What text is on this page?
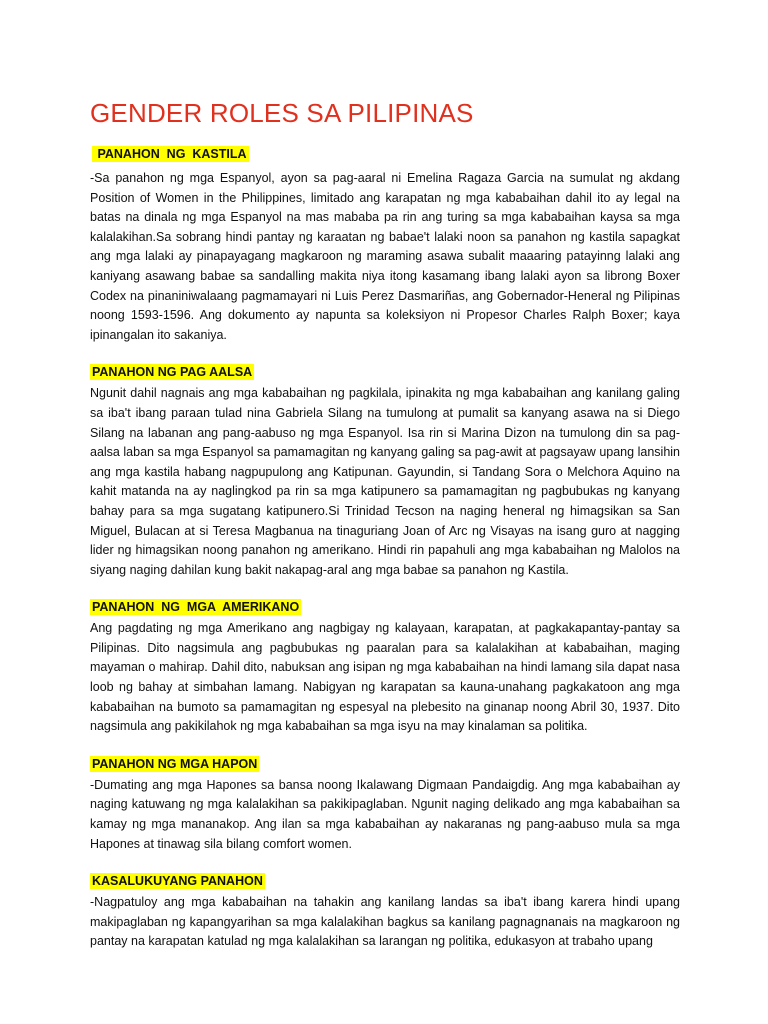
GENDER ROLES SA PILIPINAS
PANAHON  NG  KASTILA

-Sa panahon ng mga Espanyol, ayon sa pag-aaral ni Emelina Ragaza Garcia na sumulat ng akdang Position of Women in the Philippines, limitado ang karapatan ng mga kababaihan dahil ito ay legal na batas na dinala ng mga Espanyol na mas mababa pa rin ang turing sa mga kababaihan kaysa sa mga kalalakihan.Sa sobrang hindi pantay ng karaatan ng babae't lalaki noon sa panahon ng kastila sapagkat ang mga lalaki ay pinapayagang magkaroon ng maraming asawa subalit maaaring patayinng lalaki ang kaniyang asawang babae sa sandalling makita niya itong kasamang ibang lalaki ayon sa librong Boxer Codex na pinaniniwalaang pagmamayari ni Luis Perez Dasmariñas, ang Gobernador-Heneral ng Pilipinas noong 1593-1596. Ang dokumento ay napunta sa koleksiyon ni Propesor Charles Ralph Boxer; kaya ipinangalan ito sakaniya.

PANAHON NG PAG AALSA

Ngunit dahil nagnais ang mga kababaihan ng pagkilala, ipinakita ng mga kababaihan ang kanilang galing sa iba't ibang paraan tulad nina Gabriela Silang na tumulong at pumalit sa kanyang asawa na si Diego Silang na labanan ang pang-aabuso ng mga Espanyol. Isa rin si Marina Dizon na tumulong din sa pag-aalsa laban sa mga Espanyol sa pamamagitan ng kanyang galing sa pag-awit at pagsayaw upang lansihin ang mga kastila habang nagpupulong ang Katipunan. Gayundin, si Tandang Sora o Melchora Aquino na kahit matanda na ay naglingkod pa rin sa mga katipunero sa pamamagitan ng pagbubukas ng kanyang bahay para sa mga sugatang katipunero.Si Trinidad Tecson na naging heneral ng himagsikan sa San Miguel, Bulacan at si Teresa Magbanua na tinaguriang Joan of Arc ng Visayas na isang guro at nagging lider ng himagsikan noong panahon ng amerikano. Hindi rin papahuli ang mga kababaihan ng Malolos na siyang naging dahilan kung bakit nakapag-aral ang mga babae sa panahon ng Kastila.

PANAHON  NG  MGA  AMERIKANO

Ang pagdating ng mga Amerikano ang nagbigay ng kalayaan, karapatan, at pagkakapantay-pantay sa Pilipinas. Dito nagsimula ang pagbubukas ng paaralan para sa kalalakihan at kababaihan, maging mayaman o mahirap. Dahil dito, nabuksan ang isipan ng mga kababaihan na hindi lamang sila dapat nasa loob ng bahay at simbahan lamang. Nabigyan ng karapatan sa kauna-unahang pagkakatoon ang mga kababaihan na bumoto sa pamamagitan ng espesyal na plebesito na ginanap noong Abril 30, 1937. Dito nagsimula ang pakikilahok ng mga kababaihan sa mga isyu na may kinalaman sa politika.

PANAHON NG MGA HAPON

-Dumating ang mga Hapones sa bansa noong Ikalawang Digmaan Pandaigdig. Ang mga kababaihan ay naging katuwang ng mga kalalakihan sa pakikipaglaban. Ngunit naging delikado ang mga kababaihan sa kamay ng mga mananakop. Ang ilan sa mga kababaihan ay nakaranas ng pang-aabuso mula sa mga Hapones at tinawag sila bilang comfort women.

KASALUKUYANG PANAHON

-Nagpatuloy ang mga kababaihan na tahakin ang kanilang landas sa iba't ibang karera hindi upang makipaglaban ng kapangyarihan sa mga kalalakihan bagkus sa kanilang pagnagnanais na magkaroon ng pantay na karapatan katulad ng mga kalalakihan sa larangan ng politika, edukasyon at trabaho upang
